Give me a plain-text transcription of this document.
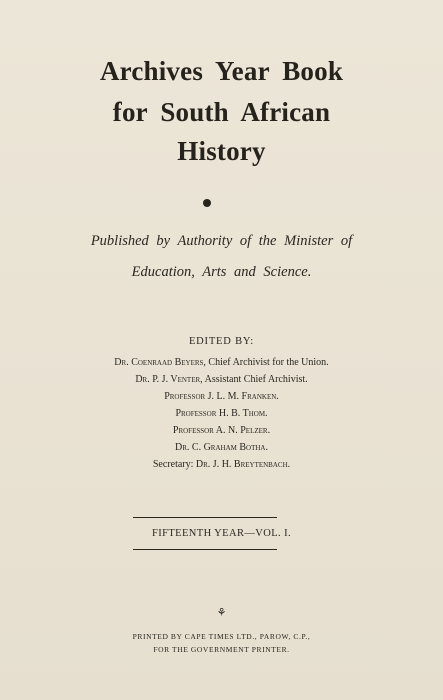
Archives Year Book
for South African
History
Published by Authority of the Minister of
Education, Arts and Science.
EDITED BY:
Dr. Coenraad Beyers, Chief Archivist for the Union.
Dr. P. J. Venter, Assistant Chief Archivist.
Professor J. L. M. Franken.
Professor H. B. Thom.
Professor A. N. Pelzer.
Dr. C. Graham Botha.
Secretary: Dr. J. H. Breytenbach.
FIFTEENTH YEAR—VOL. I.
⚘
PRINTED BY CAPE TIMES LTD., PAROW, C.P.,
FOR THE GOVERNMENT PRINTER.
